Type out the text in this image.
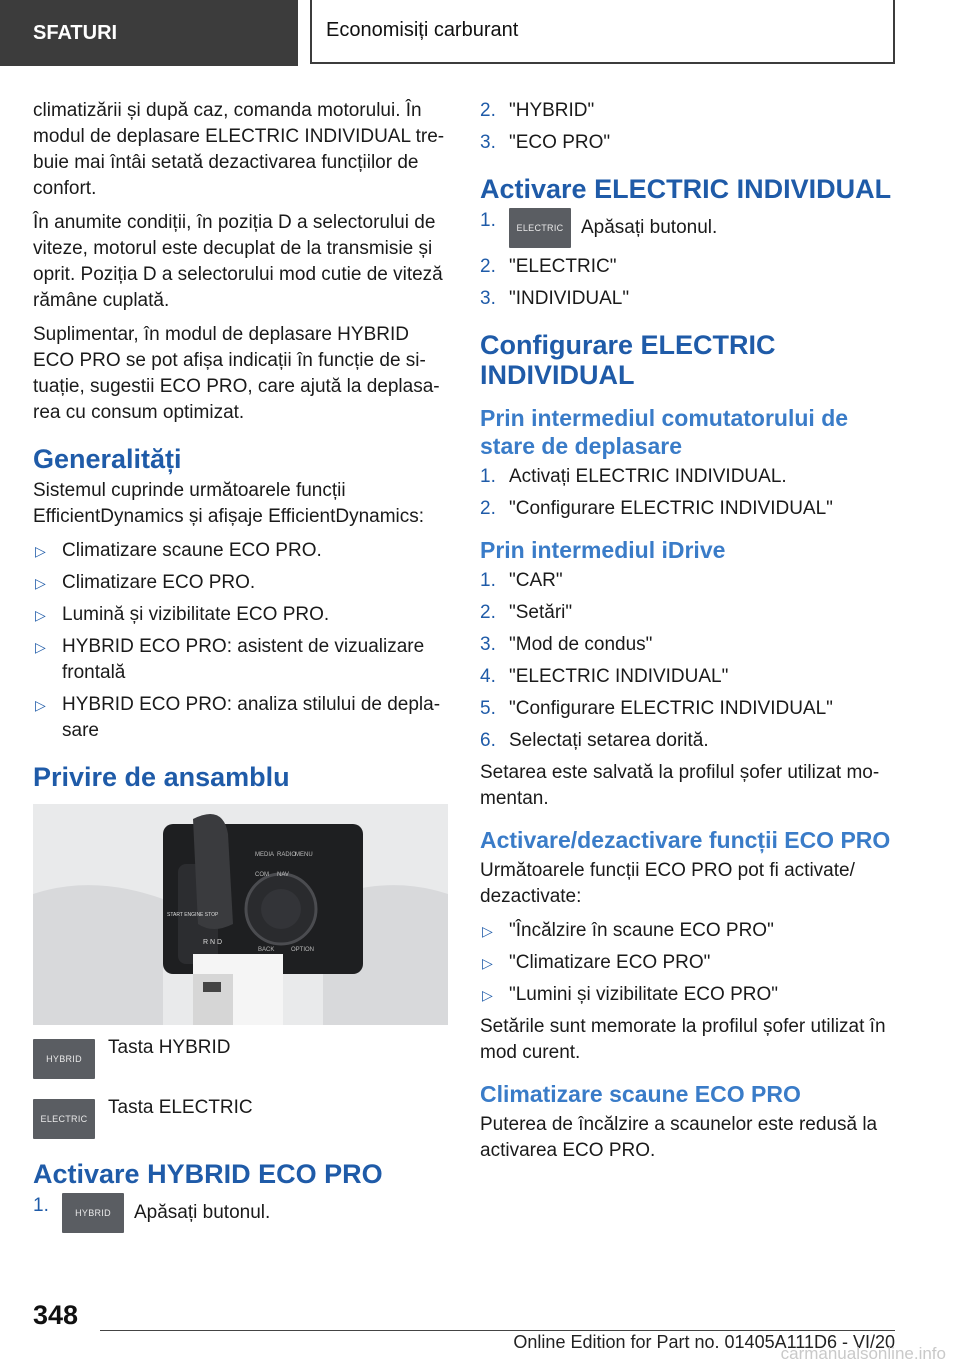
SFATURI	Economisiți carburant

climatizării și după caz, comanda motorului. În modul de deplasare ELECTRIC INDIVIDUAL tre-buie mai întâi setată dezactivarea funcțiilor de confort.

În anumite condiții, în poziția D a selectorului de viteze, motorul este decuplat de la transmisie și oprit. Poziția D a selectorului mod cutie de viteză rămâne cuplată.

Suplimentar, în modul de deplasare HYBRID ECO PRO se pot afișa indicații în funcție de si-tuație, sugestii ECO PRO, care ajută la deplasa-rea cu consum optimizat.

Generalități

Sistemul cuprinde următoarele funcții EfficientDynamics și afișaje EfficientDynamics:

▷ Climatizare scaune ECO PRO.
▷ Climatizare ECO PRO.
▷ Lumină și vizibilitate ECO PRO.
▷ HYBRID ECO PRO: asistent de vizualizare frontală
▷ HYBRID ECO PRO: analiza stilului de depla-sare
Privire de ansamblu
MEDIA RADIO
MENU
COM NAV
START ENGINE STOP
R N D
BACK	OPTION
HYBRID
Tasta HYBRID
ELECTRIC
Tasta ELECTRIC
Activare HYBRID ECO PRO
1.	HYBRID Apăsați butonul.
2. "HYBRID"
3. "ECO PRO"
Activare ELECTRIC INDIVIDUAL
1. ELECTRIC Apăsați butonul.
2. "ELECTRIC"
3. "INDIVIDUAL"
Configurare ELECTRIC INDIVIDUAL
Prin intermediul comutatorului de stare de deplasare
1. Activați ELECTRIC INDIVIDUAL.
2. "Configurare ELECTRIC INDIVIDUAL"
Prin intermediul iDrive
1. "CAR"
2. "Setări"
3. "Mod de condus"
4. "ELECTRIC INDIVIDUAL"
5. "Configurare ELECTRIC INDIVIDUAL"
6. Selectați setarea dorită.

Setarea este salvată la profilul șofer utilizat mo-mentan.

Activare/dezactivare funcții ECO PRO

Următoarele funcții ECO PRO pot fi activate/ dezactivate:

▷ "Încălzire în scaune ECO PRO"
▷ "Climatizare ECO PRO"
▷ "Lumini și vizibilitate ECO PRO"

Setările sunt memorate la profilul șofer utilizat în mod curent.

Climatizare scaune ECO PRO

Puterea de încălzire a scaunelor este redusă la activarea ECO PRO.

348
Online Edition for Part no. 01405A111D6 - VI/20
carmanualsonline.info
